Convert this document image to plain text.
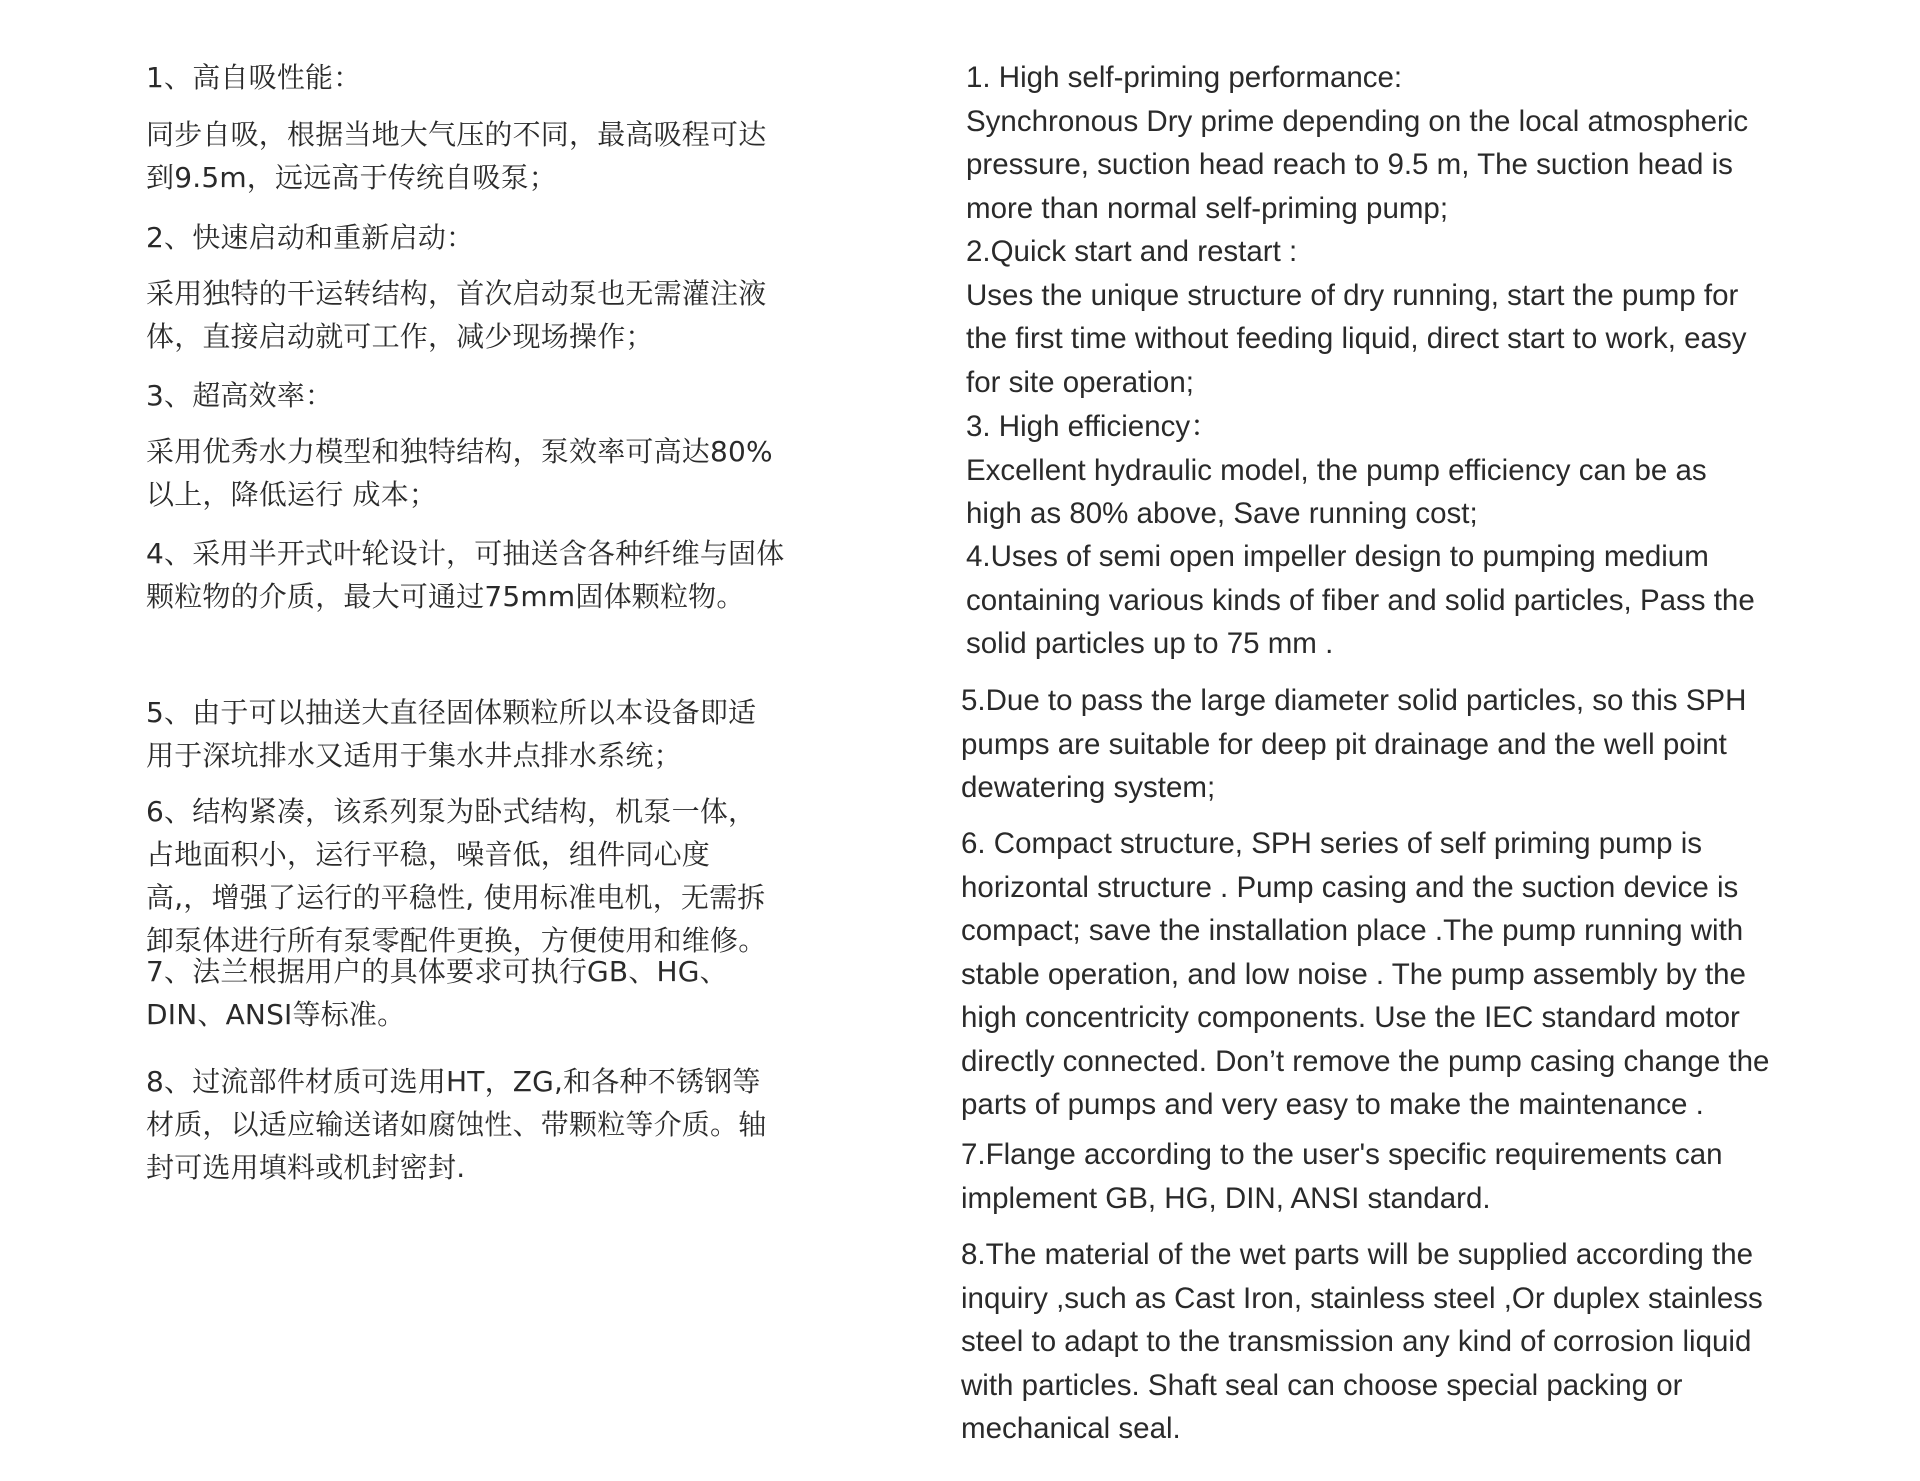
1、高自吸性能：
同步自吸，根据当地大气压的不同，最高吸程可达
到9.5m，远远高于传统自吸泵；
2、快速启动和重新启动：
采用独特的干运转结构，首次启动泵也无需灌注液
体，直接启动就可工作，减少现场操作；
3、超高效率：
采用优秀水力模型和独特结构，泵效率可高达80%
以上，降低运行 成本；
4、采用半开式叶轮设计，可抽送含各种纤维与固体
颗粒物的介质，最大可通过75mm固体颗粒物。
5、由于可以抽送大直径固体颗粒所以本设备即适
用于深坑排水又适用于集水井点排水系统；
6、结构紧凑，该系列泵为卧式结构，机泵一体，
占地面积小，运行平稳，噪音低，组件同心度
高,，增强了运行的平稳性, 使用标准电机，无需拆
卸泵体进行所有泵零配件更换，方便使用和维修。
7、法兰根据用户的具体要求可执行GB、HG、
DIN、ANSI等标准。
8、过流部件材质可选用HT，ZG,和各种不锈钢等
材质，以适应输送诸如腐蚀性、带颗粒等介质。轴
封可选用填料或机封密封.
1. High self-priming performance:
Synchronous Dry prime depending on the local atmospheric
pressure, suction head reach to 9.5 m, The suction head is
more than normal self-priming pump;
2.Quick start and restart :
Uses the unique structure of dry running, start the pump for
the first time without feeding liquid, direct start to work, easy
for site operation;
3. High efficiency：
Excellent hydraulic model, the pump efficiency can be as
high as 80% above, Save running cost;
4.Uses of semi open impeller design to pumping medium
containing various kinds of fiber and solid particles, Pass the
solid particles up to 75 mm .
5.Due to pass the large diameter solid particles, so this SPH
pumps are suitable for deep pit drainage and the well point
dewatering system;
6. Compact structure, SPH series of self priming pump is
horizontal structure . Pump casing and the suction device is
compact; save the installation place .The pump running with
stable operation, and low noise . The pump assembly by the
high concentricity components. Use the IEC standard motor
directly connected. Don’t remove the pump casing change the
parts of pumps and very easy to make the maintenance .
7.Flange according to the user's specific requirements can
implement GB, HG, DIN, ANSI standard.
8.The material of the wet parts will be supplied according the
inquiry ,such as Cast Iron, stainless steel ,Or duplex stainless
steel to adapt to the transmission any kind of corrosion liquid
with particles. Shaft seal can choose special packing or
mechanical seal.
